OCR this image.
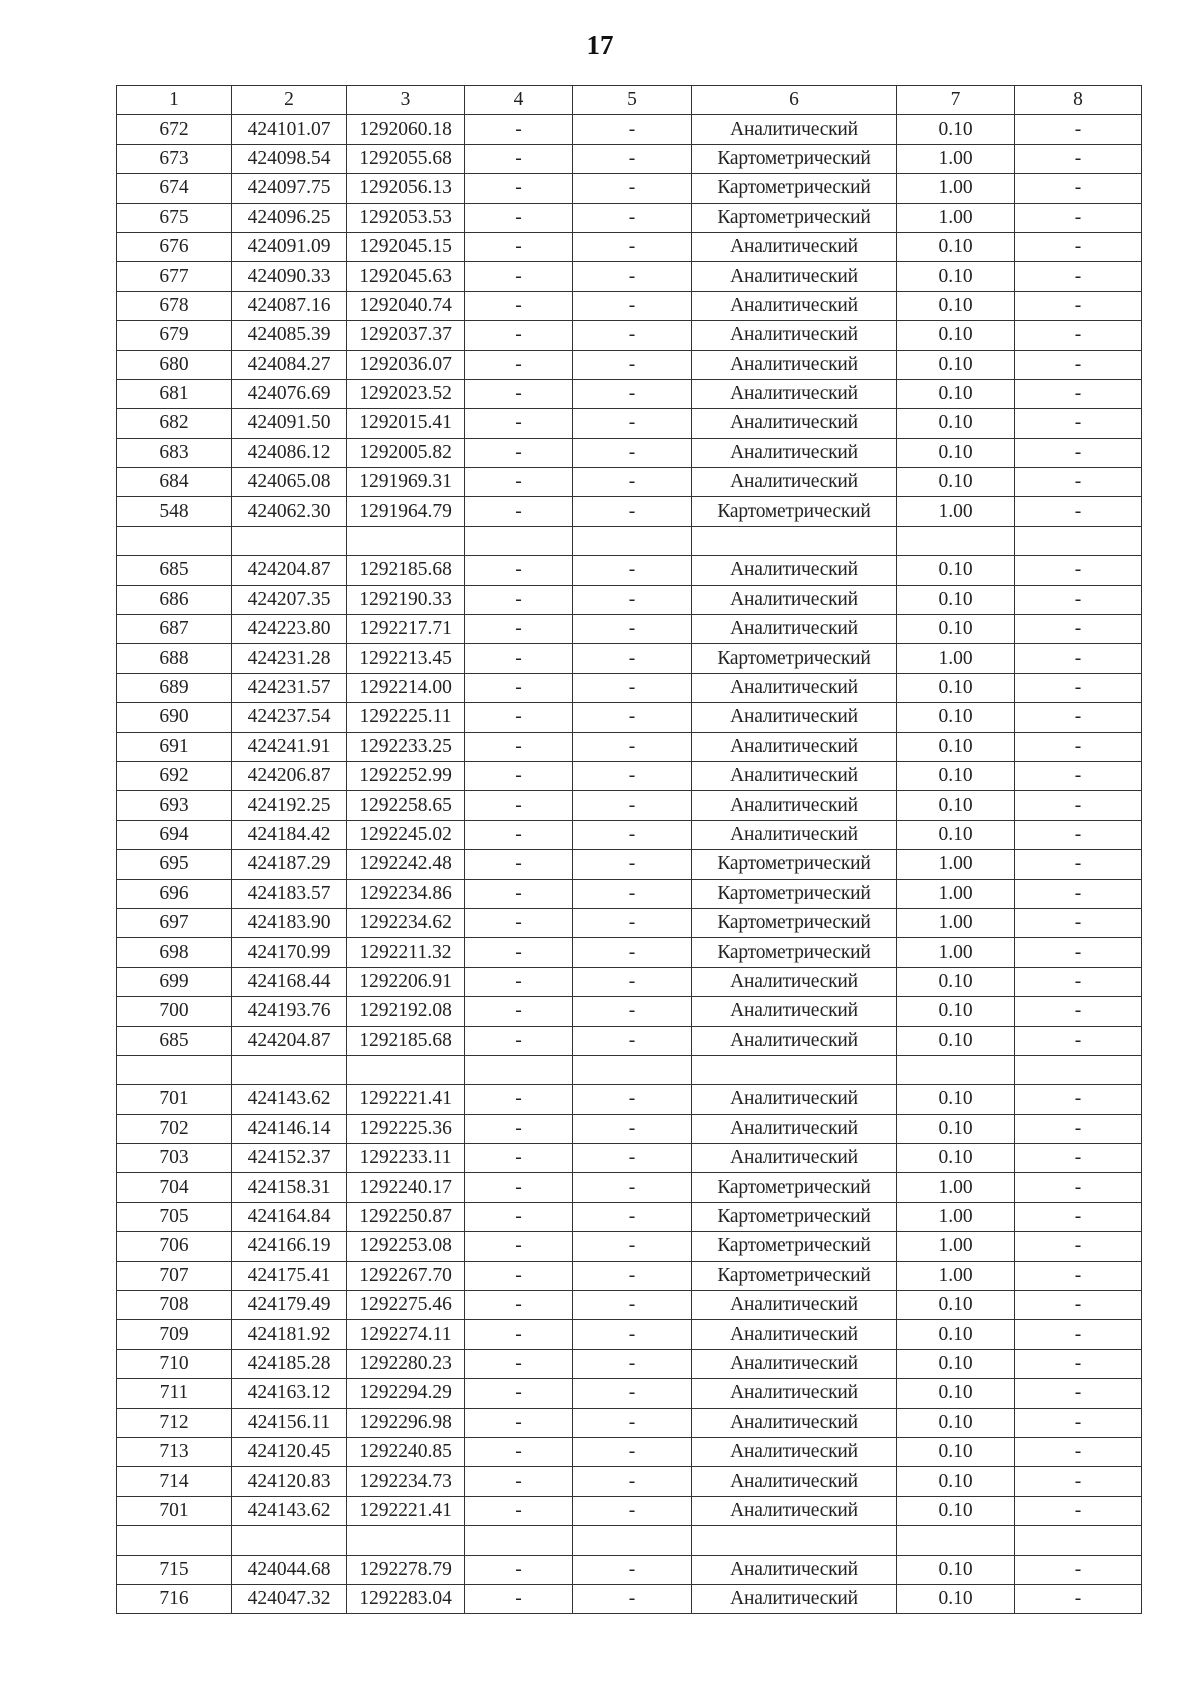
17
1	2	3	4	5	6	7	8
672	424101.07	1292060.18	-	-	Аналитический	0.10	-
673	424098.54	1292055.68	-	-	Картометрический	1.00	-
674	424097.75	1292056.13	-	-	Картометрический	1.00	-
675	424096.25	1292053.53	-	-	Картометрический	1.00	-
676	424091.09	1292045.15	-	-	Аналитический	0.10	-
677	424090.33	1292045.63	-	-	Аналитический	0.10	-
678	424087.16	1292040.74	-	-	Аналитический	0.10	-
679	424085.39	1292037.37	-	-	Аналитический	0.10	-
680	424084.27	1292036.07	-	-	Аналитический	0.10	-
681	424076.69	1292023.52	-	-	Аналитический	0.10	-
682	424091.50	1292015.41	-	-	Аналитический	0.10	-
683	424086.12	1292005.82	-	-	Аналитический	0.10	-
684	424065.08	1291969.31	-	-	Аналитический	0.10	-
548	424062.30	1291964.79	-	-	Картометрический	1.00	-

685	424204.87	1292185.68	-	-	Аналитический	0.10	-
686	424207.35	1292190.33	-	-	Аналитический	0.10	-
687	424223.80	1292217.71	-	-	Аналитический	0.10	-
688	424231.28	1292213.45	-	-	Картометрический	1.00	-
689	424231.57	1292214.00	-	-	Аналитический	0.10	-
690	424237.54	1292225.11	-	-	Аналитический	0.10	-
691	424241.91	1292233.25	-	-	Аналитический	0.10	-
692	424206.87	1292252.99	-	-	Аналитический	0.10	-
693	424192.25	1292258.65	-	-	Аналитический	0.10	-
694	424184.42	1292245.02	-	-	Аналитический	0.10	-
695	424187.29	1292242.48	-	-	Картометрический	1.00	-
696	424183.57	1292234.86	-	-	Картометрический	1.00	-
697	424183.90	1292234.62	-	-	Картометрический	1.00	-
698	424170.99	1292211.32	-	-	Картометрический	1.00	-
699	424168.44	1292206.91	-	-	Аналитический	0.10	-
700	424193.76	1292192.08	-	-	Аналитический	0.10	-
685	424204.87	1292185.68	-	-	Аналитический	0.10	-

701	424143.62	1292221.41	-	-	Аналитический	0.10	-
702	424146.14	1292225.36	-	-	Аналитический	0.10	-
703	424152.37	1292233.11	-	-	Аналитический	0.10	-
704	424158.31	1292240.17	-	-	Картометрический	1.00	-
705	424164.84	1292250.87	-	-	Картометрический	1.00	-
706	424166.19	1292253.08	-	-	Картометрический	1.00	-
707	424175.41	1292267.70	-	-	Картометрический	1.00	-
708	424179.49	1292275.46	-	-	Аналитический	0.10	-
709	424181.92	1292274.11	-	-	Аналитический	0.10	-
710	424185.28	1292280.23	-	-	Аналитический	0.10	-
711	424163.12	1292294.29	-	-	Аналитический	0.10	-
712	424156.11	1292296.98	-	-	Аналитический	0.10	-
713	424120.45	1292240.85	-	-	Аналитический	0.10	-
714	424120.83	1292234.73	-	-	Аналитический	0.10	-
701	424143.62	1292221.41	-	-	Аналитический	0.10	-

715	424044.68	1292278.79	-	-	Аналитический	0.10	-
716	424047.32	1292283.04	-	-	Аналитический	0.10	-
